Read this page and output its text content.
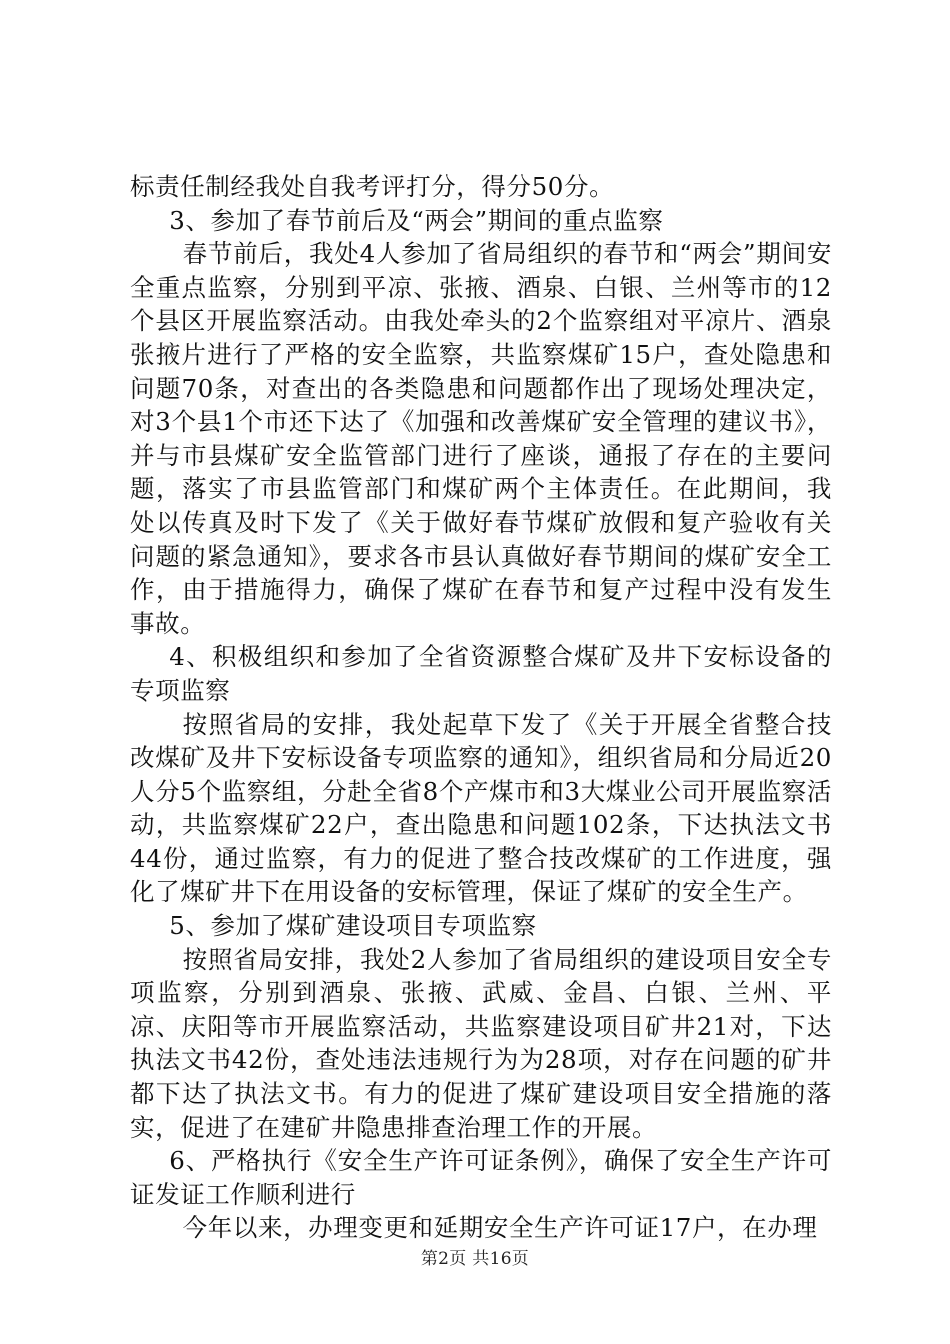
标责任制经我处自我考评打分，得分50分。

3、参加了春节前后及“两会”期间的重点监察

春节前后，我处4人参加了省局组织的春节和“两会”期间安全重点监察，分别到平凉、张掖、酒泉、白银、兰州等市的12个县区开展监察活动。由我处牵头的2个监察组对平凉片、酒泉张掖片进行了严格的安全监察，共监察煤矿15户，查处隐患和问题70条，对查出的各类隐患和问题都作出了现场处理决定，对3个县1个市还下达了《加强和改善煤矿安全管理的建议书》，并与市县煤矿安全监管部门进行了座谈，通报了存在的主要问题，落实了市县监管部门和煤矿两个主体责任。在此期间，我处以传真及时下发了《关于做好春节煤矿放假和复产验收有关问题的紧急通知》，要求各市县认真做好春节期间的煤矿安全工作，由于措施得力，确保了煤矿在春节和复产过程中没有发生事故。

4、积极组织和参加了全省资源整合煤矿及井下安标设备的专项监察

按照省局的安排，我处起草下发了《关于开展全省整合技改煤矿及井下安标设备专项监察的通知》，组织省局和分局近20人分5个监察组，分赴全省8个产煤市和3大煤业公司开展监察活动，共监察煤矿22户，查出隐患和问题102条，下达执法文书44份，通过监察，有力的促进了整合技改煤矿的工作进度，强化了煤矿井下在用设备的安标管理，保证了煤矿的安全生产。

5、参加了煤矿建设项目专项监察

按照省局安排，我处2人参加了省局组织的建设项目安全专项监察，分别到酒泉、张掖、武威、金昌、白银、兰州、平凉、庆阳等市开展监察活动，共监察建设项目矿井21对，下达执法文书42份，查处违法违规行为为28项，对存在问题的矿井都下达了执法文书。有力的促进了煤矿建设项目安全措施的落实，促进了在建矿井隐患排查治理工作的开展。

6、严格执行《安全生产许可证条例》，确保了安全生产许可证发证工作顺利进行

今年以来，办理变更和延期安全生产许可证17户，在办理

第2页 共16页
